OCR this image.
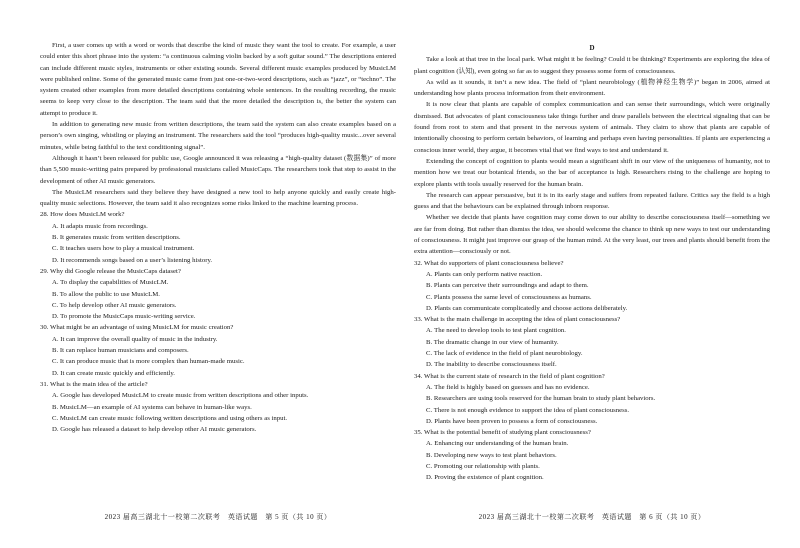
First, a user comes up with a word or words that describe the kind of music they want the tool to create. For example, a user could enter this short phrase into the system: “a continuous calming violin backed by a soft guitar sound.” The descriptions entered can include different music styles, instruments or other existing sounds. Several different music examples produced by MusicLM were published online. Some of the generated music came from just one-or-two-word descriptions, such as “jazz”, or “techno”. The system created other examples from more detailed descriptions containing whole sentences. In the resulting recording, the music seems to keep very close to the description. The team said that the more detailed the description is, the better the system can attempt to produce it.

In addition to generating new music from written descriptions, the team said the system can also create examples based on a person’s own singing, whistling or playing an instrument. The researchers said the tool “produces high-quality music...over several minutes, while being faithful to the text conditioning signal”.

Although it hasn’t been released for public use, Google announced it was releasing a “high-quality dataset (数据集)” of more than 5,500 music-writing pairs prepared by professional musicians called MusicCaps. The researchers took that step to assist in the development of other AI music generators.

The MusicLM researchers said they believe they have designed a new tool to help anyone quickly and easily create high-quality music selections. However, the team said it also recognizes some risks linked to the machine learning process.

28. How does MusicLM work?

A. It adapts music from recordings.

B. It generates music from written descriptions.

C. It teaches users how to play a musical instrument.

D. It recommends songs based on a user’s listening history.

29. Why did Google release the MusicCaps dataset?

A. To display the capabilities of MusicLM.

B. To allow the public to use MusicLM.

C. To help develop other AI music generators.

D. To promote the MusicCaps music-writing service.

30. What might be an advantage of using MusicLM for music creation?

A. It can improve the overall quality of music in the industry.

B. It can replace human musicians and composers.

C. It can produce music that is more complex than human-made music.

D. It can create music quickly and efficiently.

31. What is the main idea of the article?

A. Google has developed MusicLM to create music from written descriptions and other inputs.

B. MusicLM—an example of AI systems can behave in human-like ways.

C. MusicLM can create music following written descriptions and using others as input.

D. Google has released a dataset to help develop other AI music generators.

D

Take a look at that tree in the local park. What might it be feeling? Could it be thinking? Experiments are exploring the idea of plant cognition (认知), even going so far as to suggest they possess some form of consciousness.

As wild as it sounds, it isn’t a new idea. The field of “plant neurobiology (植物神经生物学)” began in 2006, aimed at understanding how plants process information from their environment.

It is now clear that plants are capable of complex communication and can sense their surroundings, which were originally dismissed. But advocates of plant consciousness take things further and draw parallels between the electrical signaling that can be found from root to stem and that present in the nervous system of animals. They claim to show that plants are capable of intentionally choosing to perform certain behaviors, of learning and perhaps even having personalities. If plants are experiencing a conscious inner world, they argue, it becomes vital that we find ways to test and understand it.

Extending the concept of cognition to plants would mean a significant shift in our view of the uniqueness of humanity, not to mention how we treat our botanical friends, so the bar of acceptance is high. Researchers rising to the challenge are hoping to explore plants with tools usually reserved for the human brain.

The research can appear persuasive, but it is in its early stage and suffers from repeated failure. Critics say the field is a high guess and that the behaviours can be explained through inborn response.

Whether we decide that plants have cognition may come down to our ability to describe consciousness itself—something we are far from doing. But rather than dismiss the idea, we should welcome the chance to think up new ways to test our understanding of consciousness. It might just improve our grasp of the human mind. At the very least, our trees and plants should benefit from the extra attention—consciously or not.

32. What do supporters of plant consciousness believe?

A. Plants can only perform native reaction.

B. Plants can perceive their surroundings and adapt to them.

C. Plants possess the same level of consciousness as humans.

D. Plants can communicate complicatedly and choose actions deliberately.

33. What is the main challenge in accepting the idea of plant consciousness?

A. The need to develop tools to test plant cognition.

B. The dramatic change in our view of humanity.

C. The lack of evidence in the field of plant neurobiology.

D. The inability to describe consciousness itself.

34. What is the current state of research in the field of plant cognition?

A. The field is highly based on guesses and has no evidence.

B. Researchers are using tools reserved for the human brain to study plant behaviors.

C. There is not enough evidence to support the idea of plant consciousness.

D. Plants have been proven to possess a form of consciousness.

35. What is the potential benefit of studying plant consciousness?

A. Enhancing our understanding of the human brain.

B. Developing new ways to test plant behaviors.

C. Promoting our relationship with plants.

D. Proving the existence of plant cognition.

2023 届高三湖北十一校第二次联考　英语试题　第 5 页（共 10 页）	2023 届高三湖北十一校第二次联考　英语试题　第 6 页（共 10 页）
